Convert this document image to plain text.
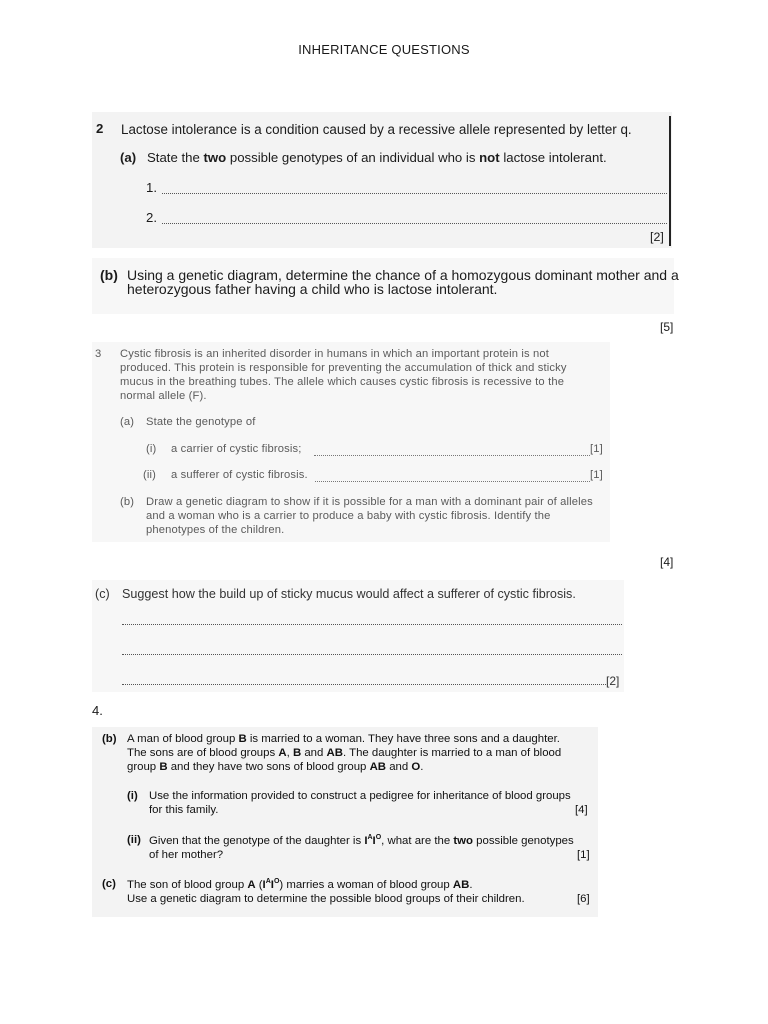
INHERITANCE QUESTIONS
2 Lactose intolerance is a condition caused by a recessive allele represented by letter q.
(a) State the two possible genotypes of an individual who is not lactose intolerant.
1.
2.
[2]
(b) Using a genetic diagram, determine the chance of a homozygous dominant mother and a
heterozygous father having a child who is lactose intolerant.
[5]
3 Cystic fibrosis is an inherited disorder in humans in which an important protein is not
produced. This protein is responsible for preventing the accumulation of thick and sticky
mucus in the breathing tubes. The allele which causes cystic fibrosis is recessive to the
normal allele (F).
(a) State the genotype of
(i) a carrier of cystic fibrosis;	[1]
(ii) a sufferer of cystic fibrosis.	[1]
(b) Draw a genetic diagram to show if it is possible for a man with a dominant pair of alleles
and a woman who is a carrier to produce a baby with cystic fibrosis. Identify the
phenotypes of the children.
[4]
(c) Suggest how the build up of sticky mucus would affect a sufferer of cystic fibrosis.
[2]
4.
(b) A man of blood group B is married to a woman. They have three sons and a daughter.
The sons are of blood groups A, B and AB. The daughter is married to a man of blood
group B and they have two sons of blood group AB and O.
(i) Use the information provided to construct a pedigree for inheritance of blood groups
for this family.	[4]
(ii) Given that the genotype of the daughter is $I^AI^O$, what are the two possible genotypes
of her mother?	[1]
(c) The son of blood group A $(I^AI^O)$ marries a woman of blood group AB.
Use a genetic diagram to determine the possible blood groups of their children.	[6]
